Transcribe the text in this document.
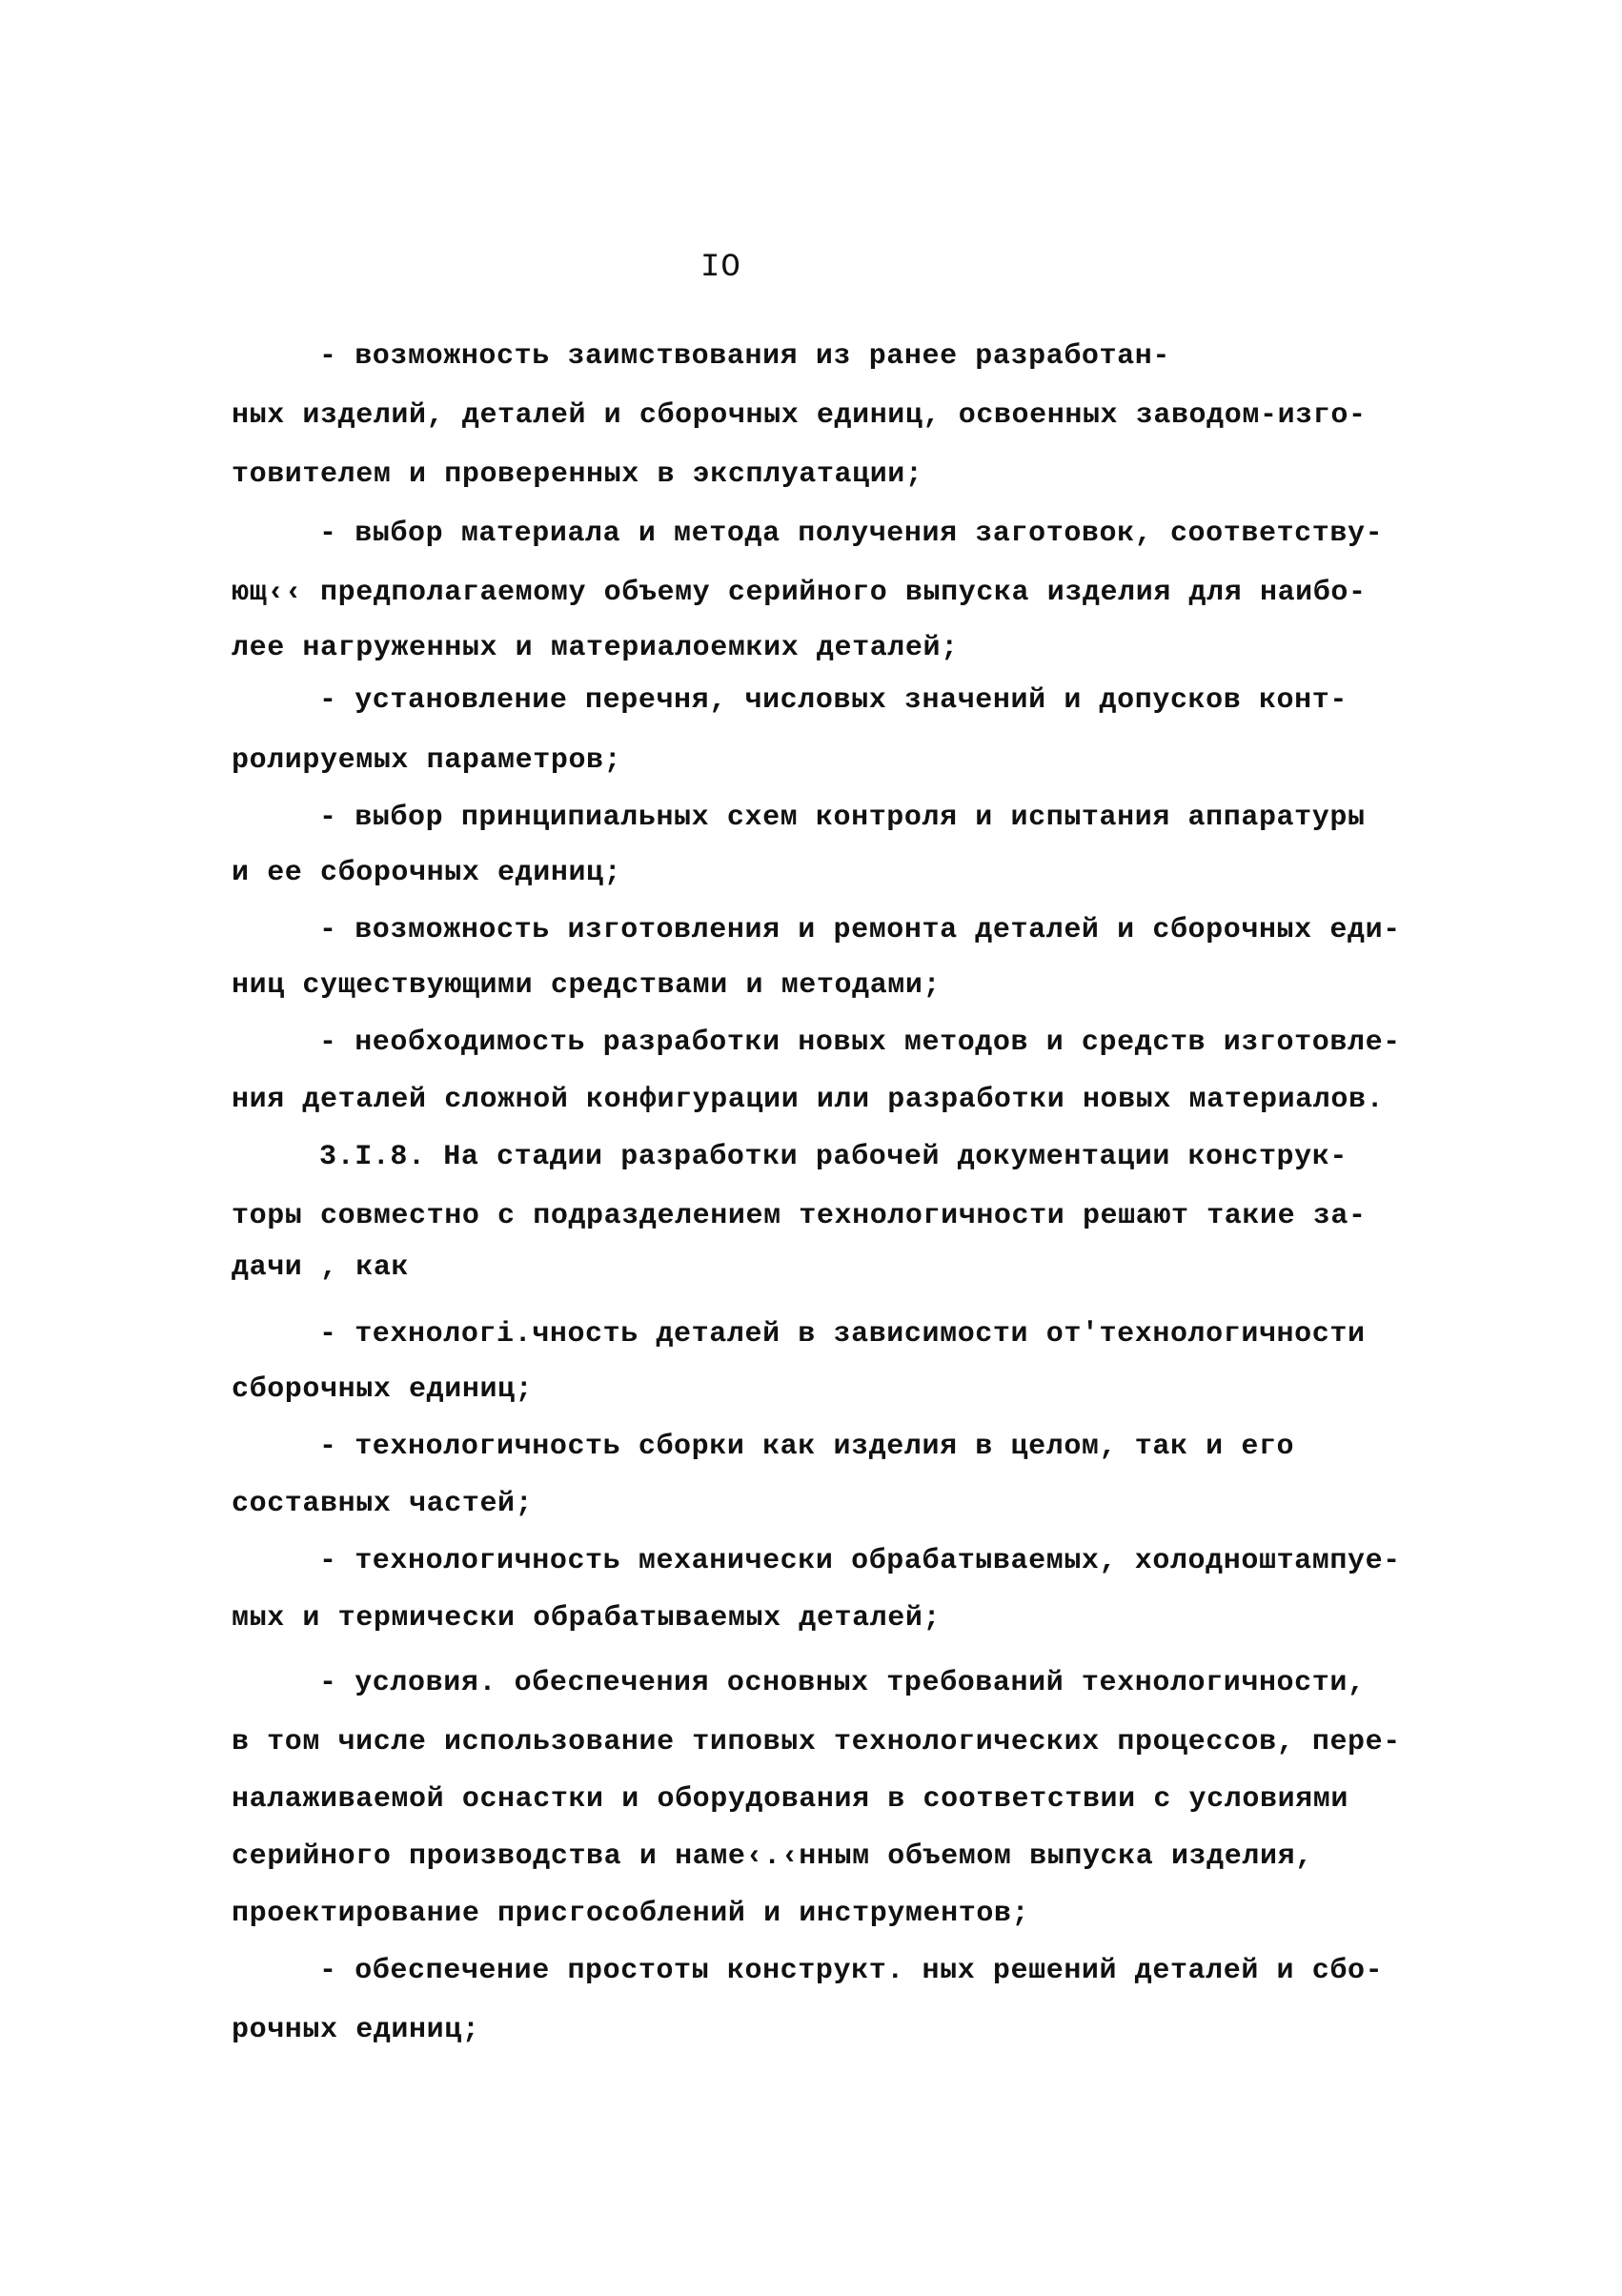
IO
- возможность заимствования из ранее разработан-
ных изделий, деталей и сборочных единиц, освоенных заводом-изго-
товителем и проверенных в эксплуатации;
- выбор материала и метода получения заготовок, соответству-
ющ‹‹ предполагаемому объему серийного выпуска изделия для наибо-
лее нагруженных и материалоемких деталей;
- установление перечня, числовых значений и допусков конт-
ролируемых параметров;
- выбор принципиальных схем контроля и испытания аппаратуры
и ее сборочных единиц;
- возможность изготовления и ремонта деталей и сборочных еди-
ниц существующими средствами и методами;
- необходимость разработки новых методов и средств изготовле-
ния деталей сложной конфигурации или разработки новых материалов.
3.I.8. На стадии разработки рабочей документации конструк-
торы совместно с подразделением технологичности решают такие за-
дачи , как
- технологi.чность деталей в зависимости от'технологичности
сборочных единиц;
- технологичность сборки как изделия в целом, так и его
составных частей;
- технологичность механически обрабатываемых, холодноштампуе-
мых и термически обрабатываемых деталей;
- условия. обеспечения основных требований технологичности,
в том числе использование типовых технологических процессов, пере-
налаживаемой оснастки и оборудования в соответствии с условиями
серийного производства и наме‹.‹нным объемом выпуска изделия,
проектирование присгособлений и инструментов;
- обеспечение простоты конструкт. ных решений деталей и сбо-
рочных единиц;
